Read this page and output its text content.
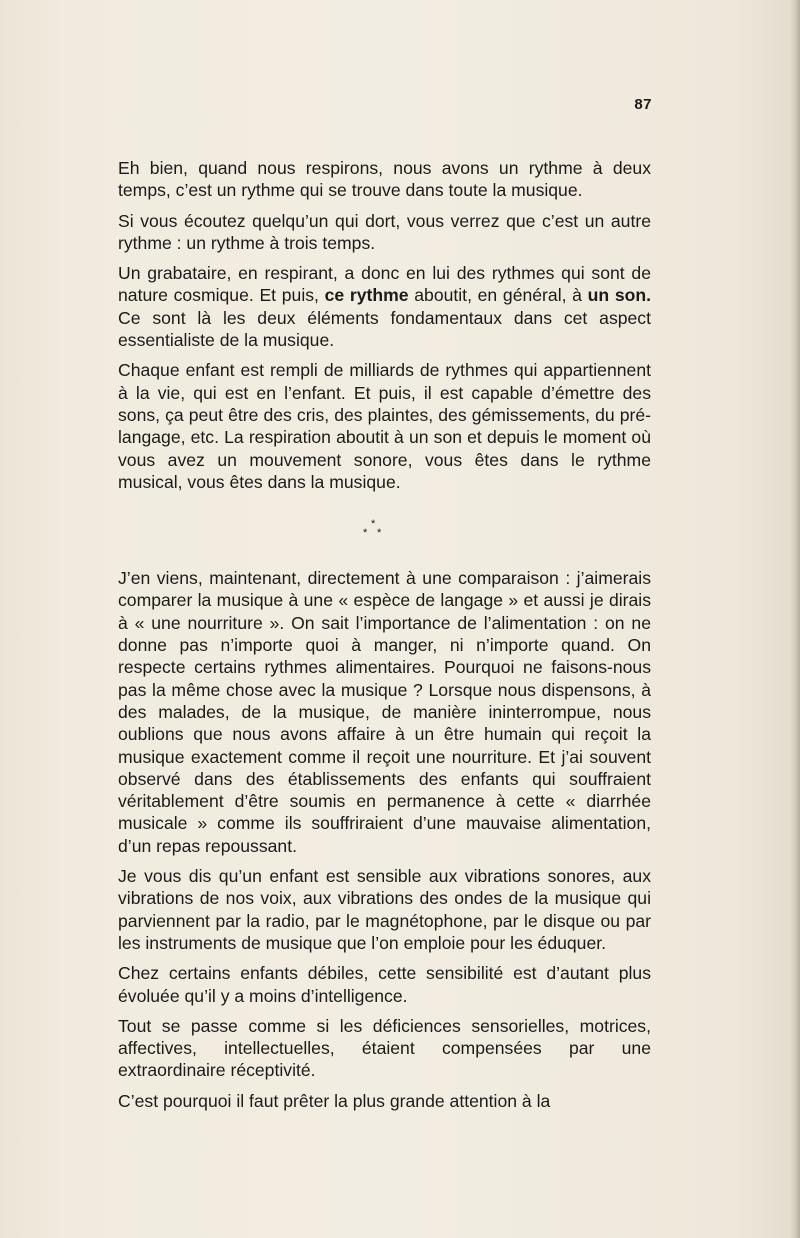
87

Eh bien, quand nous respirons, nous avons un rythme à deux temps, c’est un rythme qui se trouve dans toute la musique.

Si vous écoutez quelqu’un qui dort, vous verrez que c’est un autre rythme : un rythme à trois temps.

Un grabataire, en respirant, a donc en lui des rythmes qui sont de nature cosmique. Et puis, ce rythme aboutit, en général, à un son. Ce sont là les deux éléments fondamentaux dans cet aspect essentialiste de la musique.

Chaque enfant est rempli de milliards de rythmes qui appartiennent à la vie, qui est en l’enfant. Et puis, il est capable d’émettre des sons, ça peut être des cris, des plaintes, des gémissements, du pré-langage, etc. La respiration aboutit à un son et depuis le moment où vous avez un mouvement sonore, vous êtes dans le rythme musical, vous êtes dans la musique.

*
* *

J’en viens, maintenant, directement à une comparaison : j’aimerais comparer la musique à une « espèce de langage » et aussi je dirais à « une nourriture ». On sait l’importance de l’alimentation : on ne donne pas n’importe quoi à manger, ni n’importe quand. On respecte certains rythmes alimentaires. Pourquoi ne faisons-nous pas la même chose avec la musique ? Lorsque nous dispensons, à des malades, de la musique, de manière ininterrompue, nous oublions que nous avons affaire à un être humain qui reçoit la musique exactement comme il reçoit une nourriture. Et j’ai souvent observé dans des établissements des enfants qui souffraient véritablement d’être soumis en permanence à cette « diarrhée musicale » comme ils souffriraient d’une mauvaise alimentation, d’un repas repoussant.

Je vous dis qu’un enfant est sensible aux vibrations sonores, aux vibrations de nos voix, aux vibrations des ondes de la musique qui parviennent par la radio, par le magnétophone, par le disque ou par les instruments de musique que l’on emploie pour les éduquer.

Chez certains enfants débiles, cette sensibilité est d’autant plus évoluée qu’il y a moins d’intelligence.

Tout se passe comme si les déficiences sensorielles, motrices, affectives, intellectuelles, étaient compensées par une extraordinaire réceptivité.

C’est pourquoi il faut prêter la plus grande attention à la
